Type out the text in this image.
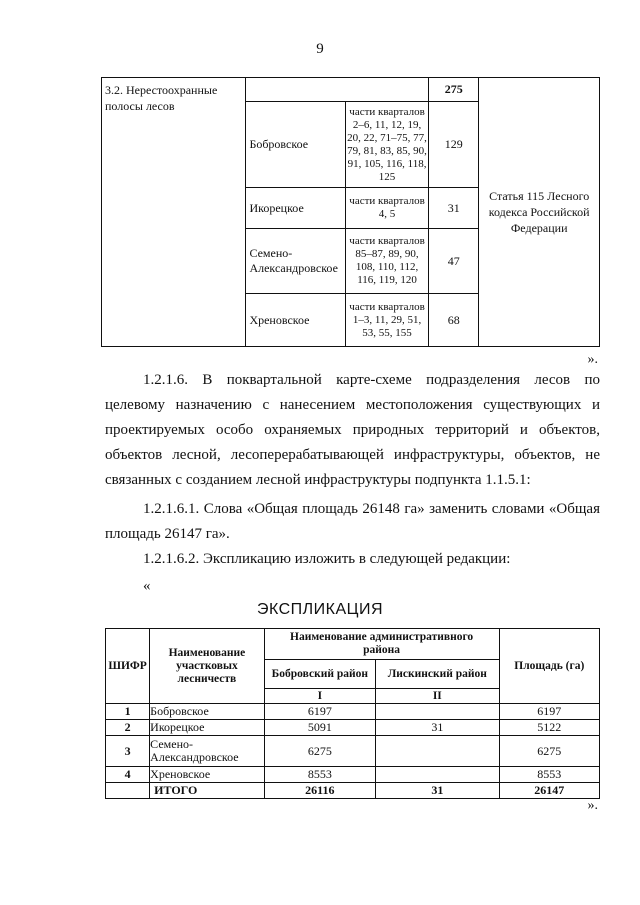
9
3.2. Нерестоохранные полосы лесов			275	Статья 115 Лесного кодекса Российской Федерации
	Бобровское	части кварталов 2–6, 11, 12, 19, 20, 22, 71–75, 77, 79, 81, 83, 85, 90, 91, 105, 116, 118, 125	129	
	Икорецкое	части кварталов 4, 5	31	
	Семено-Александровское	части кварталов 85–87, 89, 90, 108, 110, 112, 116, 119, 120	47	
	Хреновское	части кварталов 1–3, 11, 29, 51, 53, 55, 155	68	
».
1.2.1.6. В поквартальной карте-схеме подразделения лесов по целевому назначению с нанесением местоположения существующих и проектируемых особо охраняемых природных территорий и объектов, объектов лесной, лесоперерабатывающей инфраструктуры, объектов, не связанных с созданием лесной инфраструктуры подпункта 1.1.5.1:
1.2.1.6.1. Слова «Общая площадь 26148 га» заменить словами «Общая площадь 26147 га».
1.2.1.6.2. Экспликацию изложить в следующей редакции:
«
ЭКСПЛИКАЦИЯ
ШИФР	Наименование участковых лесничеств	Наименование административного района		Площадь (га)
		Бобровский район	Лискинский район	
		I	II	
1	Бобровское	6197		6197
2	Икорецкое	5091	31	5122
3	Семено-Александровское	6275		6275
4	Хреновское	8553		8553
	ИТОГО	26116	31	26147
».
